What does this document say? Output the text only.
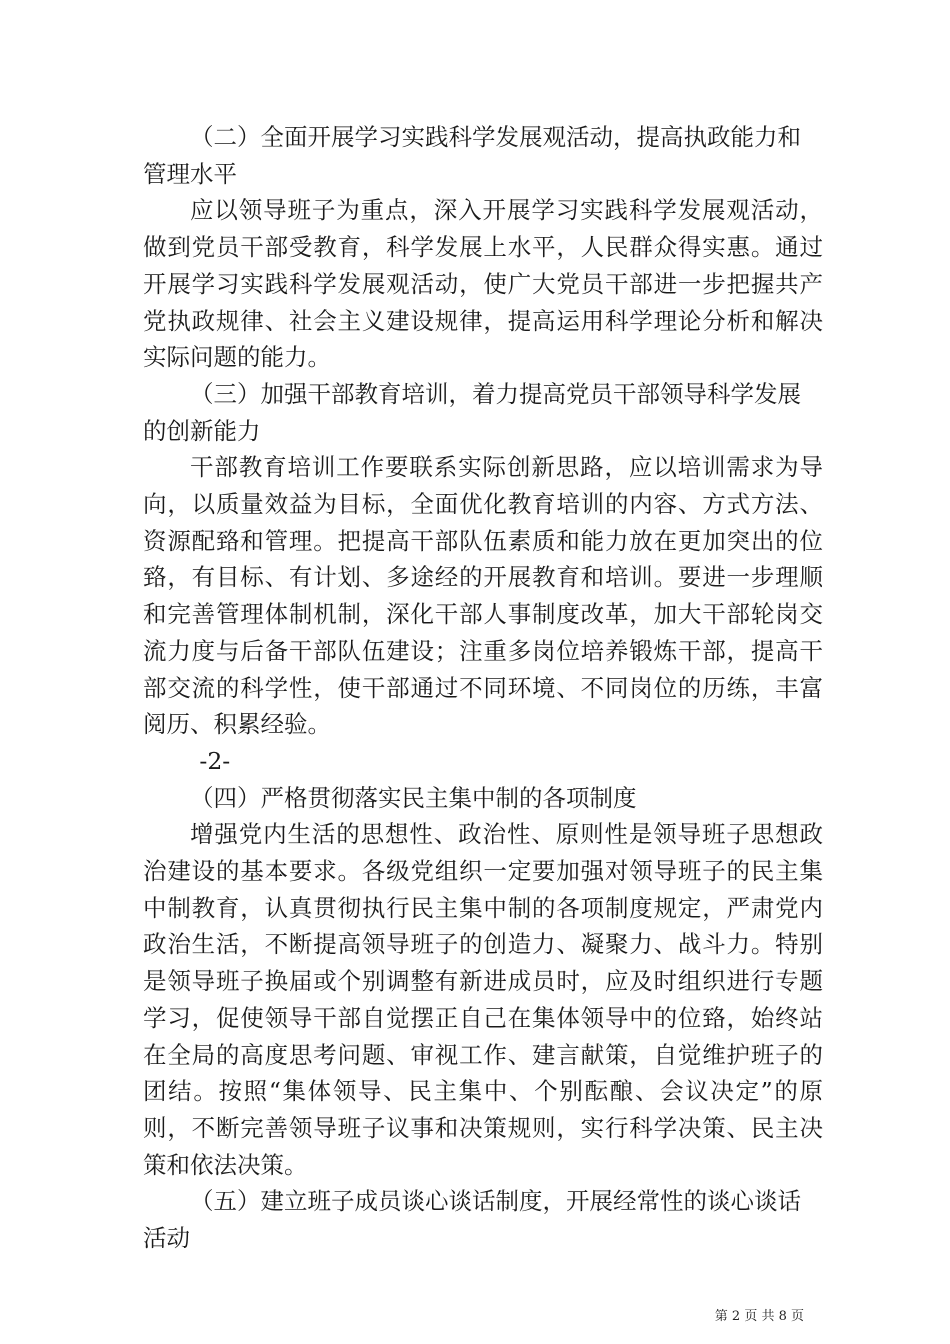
（二）全面开展学习实践科学发展观活动，提高执政能力和管理水平

应以领导班子为重点，深入开展学习实践科学发展观活动，做到党员干部受教育，科学发展上水平，人民群众得实惠。通过开展学习实践科学发展观活动，使广大党员干部进一步把握共产党执政规律、社会主义建设规律，提高运用科学理论分析和解决实际问题的能力。

（三）加强干部教育培训，着力提高党员干部领导科学发展的创新能力

干部教育培训工作要联系实际创新思路，应以培训需求为导向，以质量效益为目标，全面优化教育培训的内容、方式方法、资源配臵和管理。把提高干部队伍素质和能力放在更加突出的位臵，有目标、有计划、多途经的开展教育和培训。要进一步理顺和完善管理体制机制，深化干部人事制度改革，加大干部轮岗交流力度与后备干部队伍建设；注重多岗位培养锻炼干部，提高干部交流的科学性，使干部通过不同环境、不同岗位的历练，丰富阅历、积累经验。

-2-

（四）严格贯彻落实民主集中制的各项制度

增强党内生活的思想性、政治性、原则性是领导班子思想政治建设的基本要求。各级党组织一定要加强对领导班子的民主集中制教育，认真贯彻执行民主集中制的各项制度规定，严肃党内政治生活，不断提高领导班子的创造力、凝聚力、战斗力。特别是领导班子换届或个别调整有新进成员时，应及时组织进行专题学习，促使领导干部自觉摆正自己在集体领导中的位臵，始终站在全局的高度思考问题、审视工作、建言献策，自觉维护班子的团结。按照“集体领导、民主集中、个别酝酿、会议决定”的原则，不断完善领导班子议事和决策规则，实行科学决策、民主决策和依法决策。

（五）建立班子成员谈心谈话制度，开展经常性的谈心谈话活动

第 2 页 共 8 页
